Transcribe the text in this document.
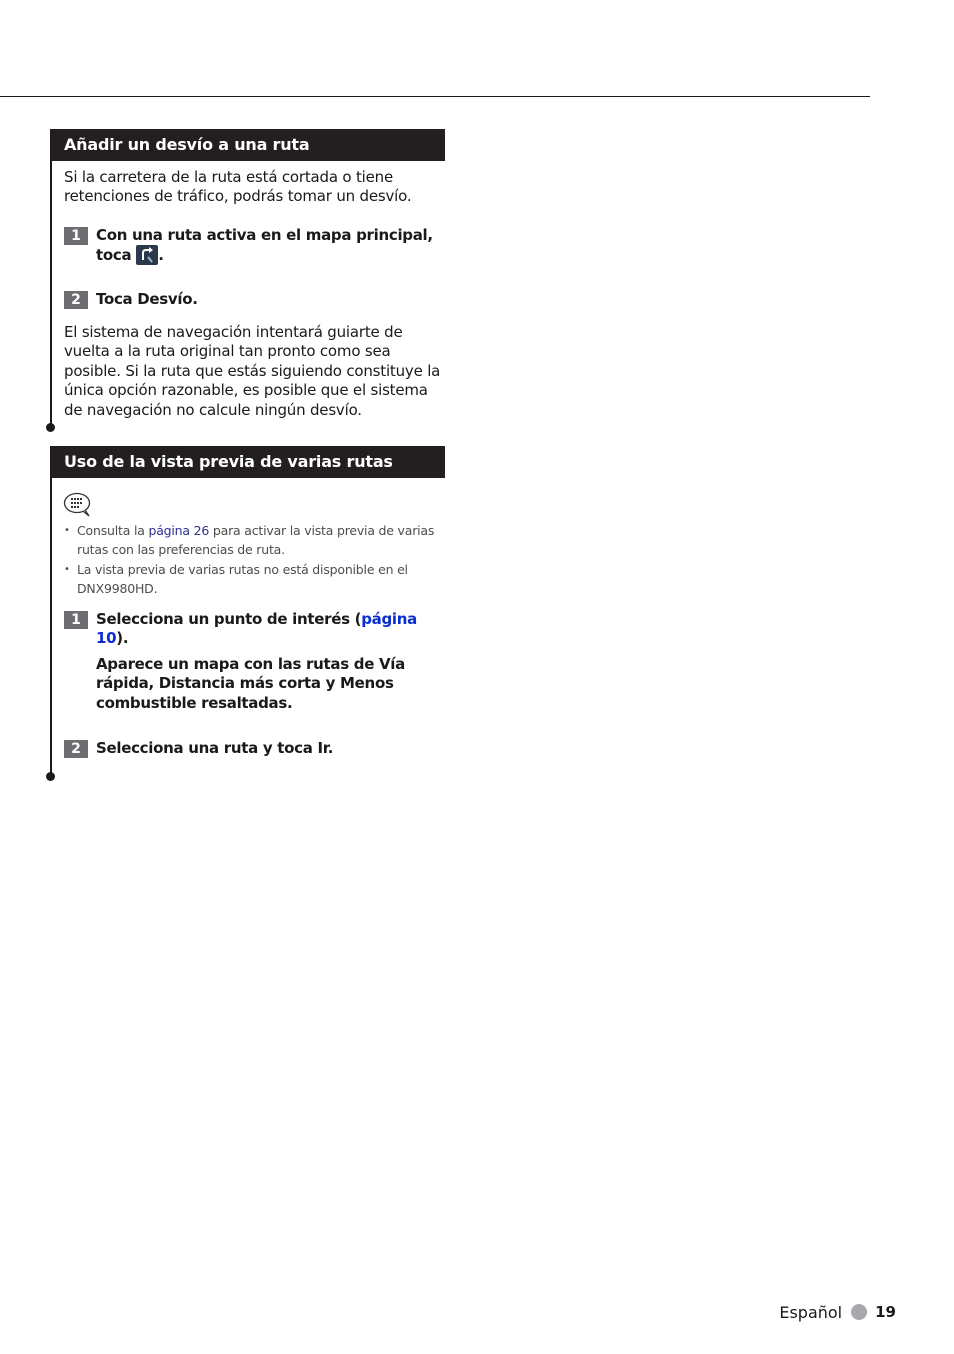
Añadir un desvío a una ruta
Si la carretera de la ruta está cortada o tiene retenciones de tráfico, podrás tomar un desvío.
1	Con una ruta activa en el mapa principal, toca .
2	Toca Desvío.
El sistema de navegación intentará guiarte de vuelta a la ruta original tan pronto como sea posible. Si la ruta que estás siguiendo constituye la única opción razonable, es posible que el sistema de navegación no calcule ningún desvío.
Uso de la vista previa de varias rutas
• Consulta la página 26 para activar la vista previa de varias rutas con las preferencias de ruta.
• La vista previa de varias rutas no está disponible en el DNX9980HD.
1	Selecciona un punto de interés (página 10).
Aparece un mapa con las rutas de Vía rápida, Distancia más corta y Menos combustible resaltadas.
2	Selecciona una ruta y toca Ir.
Español 19
